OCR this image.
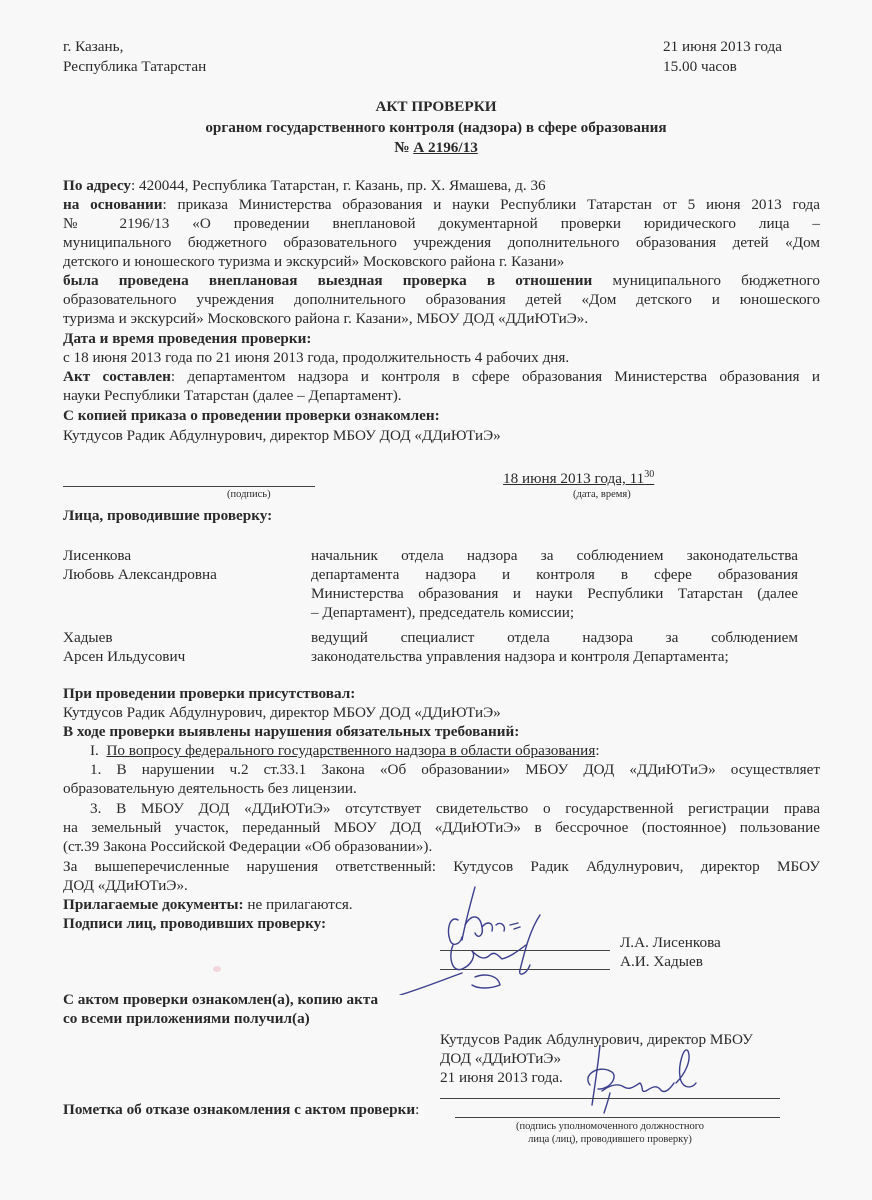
г. Казань,
Республика Татарстан
21 июня 2013 года
15.00 часов
АКТ ПРОВЕРКИ
органом государственного контроля (надзора) в сфере образования
№ А 2196/13
По адресу: 420044, Республика Татарстан, г. Казань, пр. Х. Ямашева, д. 36
на основании: приказа Министерства образования и науки Республики Татарстан от 5 июня 2013 года
№ 2196/13 «О проведении внеплановой документарной проверки юридического лица –
муниципального бюджетного образовательного учреждения дополнительного образования детей «Дом
детского и юношеского туризма и экскурсий» Московского района г. Казани»
была проведена внеплановая выездная проверка в отношении муниципального бюджетного
образовательного учреждения дополнительного образования детей «Дом детского и юношеского
туризма и экскурсий» Московского района г. Казани», МБОУ ДОД «ДДиЮТиЭ».
Дата и время проведения проверки:
с 18 июня 2013 года по 21 июня 2013 года, продолжительность 4 рабочих дня.
Акт составлен: департаментом надзора и контроля в сфере образования Министерства образования и
науки Республики Татарстан (далее – Департамент).
С копией приказа о проведении проверки ознакомлен:
Кутдусов Радик Абдулнурович, директор МБОУ ДОД «ДДиЮТиЭ»
(подпись)
18 июня 2013 года, $11^{30}$
(дата, время)
Лица, проводившие проверку:
Лисенкова
Любовь Александровна
начальник отдела надзора за соблюдением законодательства
департамента надзора и контроля в сфере образования
Министерства образования и науки Республики Татарстан (далее
– Департамент), председатель комиссии;
Хадыев
Арсен Ильдусович
ведущий специалист отдела надзора за соблюдением
законодательства управления надзора и контроля Департамента;
При проведении проверки присутствовал:
Кутдусов Радик Абдулнурович, директор МБОУ ДОД «ДДиЮТиЭ»
В ходе проверки выявлены нарушения обязательных требований:
I. По вопросу федерального государственного надзора в области образования:
1. В нарушении ч.2 ст.33.1 Закона «Об образовании» МБОУ ДОД «ДДиЮТиЭ» осуществляет
образовательную деятельность без лицензии.
3. В МБОУ ДОД «ДДиЮТиЭ» отсутствует свидетельство о государственной регистрации права
на земельный участок, переданный МБОУ ДОД «ДДиЮТиЭ» в бессрочное (постоянное) пользование
(ст.39 Закона Российской Федерации «Об образовании»).
За вышеперечисленные нарушения ответственный: Кутдусов Радик Абдулнурович, директор МБОУ
ДОД «ДДиЮТиЭ».
Прилагаемые документы: не прилагаются.
Подписи лиц, проводивших проверку:
Л.А. Лисенкова
А.И. Хадыев
С актом проверки ознакомлен(а), копию акта
со всеми приложениями получил(а)
Кутдусов Радик Абдулнурович, директор МБОУ
ДОД «ДДиЮТиЭ»
21 июня 2013 года.
Пометка об отказе ознакомления с актом проверки:
(подпись уполномоченного должностного
лица (лиц), проводившего проверку)
